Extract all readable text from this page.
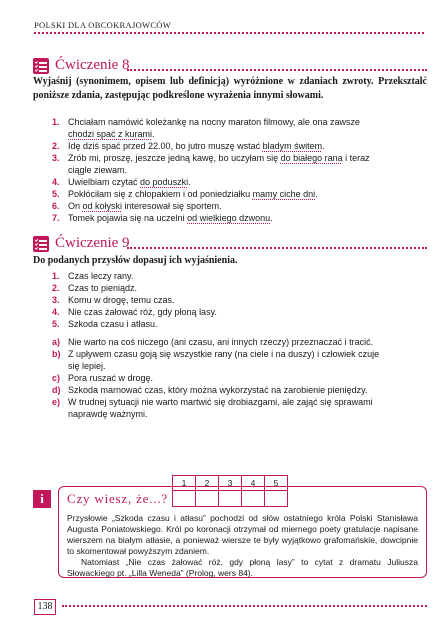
POLSKI DLA OBCOKRAJOWCÓW
Ćwiczenie 8
Wyjaśnij (synonimem, opisem lub definicją) wyróżnione w zdaniach zwroty. Przekształć poniższe zdania, zastępując podkreślone wyrażenia innymi słowami.
1. Chciałam namówić koleżankę na nocny maraton filmowy, ale ona zawsze chodzi spać z kurami.
2. Idę dziś spać przed 22.00, bo jutro muszę wstać bladym świtem.
3. Zrób mi, proszę, jeszcze jedną kawę, bo uczyłam się do białego rana i teraz ciągle ziewam.
4. Uwielbiam czytać do poduszki.
5. Pokłóciłam się z chłopakiem i od poniedziałku mamy ciche dni.
6. On od kołyski interesował się sportem.
7. Tomek pojawia się na uczelni od wielkiego dzwonu.
Ćwiczenie 9
Do podanych przysłów dopasuj ich wyjaśnienia.
1. Czas leczy rany.
2. Czas to pieniądz.
3. Komu w drogę, temu czas.
4. Nie czas żałować róż, gdy płoną lasy.
5. Szkoda czasu i atłasu.
a) Nie warto na coś niczego (ani czasu, ani innych rzeczy) przeznaczać i tracić.
b) Z upływem czasu goją się wszystkie rany (na ciele i na duszy) i człowiek czuje się lepiej.
c) Pora ruszać w drogę.
d) Szkoda marnować czas, który można wykorzystać na zarobienie pieniędzy.
e) W trudnej sytuacji nie warto martwić się drobiazgami, ale zająć się sprawami naprawdę ważnymi.
1	2	3	4	5

i	Czy wiesz, że...?

Przysłowie „Szkoda czasu i atłasu” pochodzi od słów ostatniego króla Polski Stanisława Augusta Poniatowskiego. Król po koronacji otrzymał od miernego poety gratulacje napisane wierszem na białym atłasie, a ponieważ wiersze te były wyjątkowo grafomańskie, dowcipnie to skomentował powyższym zdaniem.

Natomiast „Nie czas żałować róż, gdy płoną lasy” to cytat z dramatu Juliusza Słowackiego pt. „Lilla Weneda” (Prolog, wers 84).

138
